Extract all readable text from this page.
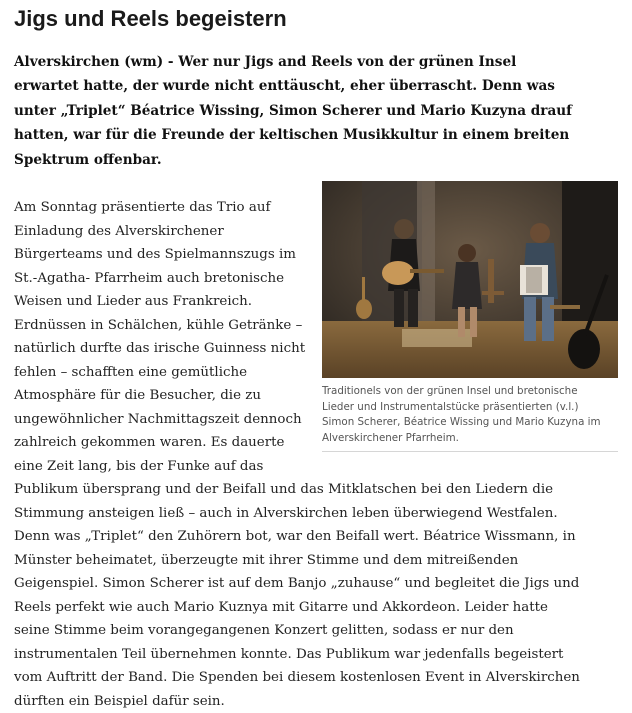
Jigs und Reels begeistern

Alverskirchen (wm) - Wer nur Jigs and Reels von der grünen Insel
erwartet hatte, der wurde nicht enttäuscht, eher überrascht. Denn was
unter „Triplet“ Béatrice Wissing, Simon Scherer und Mario Kuzyna drauf
hatten, war für die Freunde der keltischen Musikkultur in einem breiten
Spektrum offenbar.

Traditionels von der grünen Insel und bretonische
Lieder und Instrumentalstücke präsentierten (v.l.)
Simon Scherer, Béatrice Wissing und Mario Kuzyna im
Alverskirchener Pfarrheim.

Am Sonntag präsentierte das Trio auf
Einladung des Alverskirchener
Bürgerteams und des Spielmannszugs im
St.-Agatha- Pfarrheim auch bretonische
Weisen und Lieder aus Frankreich.
Erdnüssen in Schälchen, kühle Getränke –
natürlich durfte das irische Guinness nicht
fehlen – schafften eine gemütliche
Atmosphäre für die Besucher, die zu
ungewöhnlicher Nachmittagszeit dennoch
zahlreich gekommen waren. Es dauerte
eine Zeit lang, bis der Funke auf das
Publikum übersprang und der Beifall und das Mitklatschen bei den Liedern die
Stimmung ansteigen ließ – auch in Alverskirchen leben überwiegend Westfalen.
Denn was „Triplet“ den Zuhörern bot, war den Beifall wert. Béatrice Wissmann, in
Münster beheimatet, überzeugte mit ihrer Stimme und dem mitreißenden
Geigenspiel. Simon Scherer ist auf dem Banjo „zuhause“ und begleitet die Jigs und
Reels perfekt wie auch Mario Kuznya mit Gitarre und Akkordeon. Leider hatte
seine Stimme beim vorangegangenen Konzert gelitten, sodass er nur den
instrumentalen Teil übernehmen konnte. Das Publikum war jedenfalls begeistert
vom Auftritt der Band. Die Spenden bei diesem kostenlosen Event in Alverskirchen
dürften ein Beispiel dafür sein.
